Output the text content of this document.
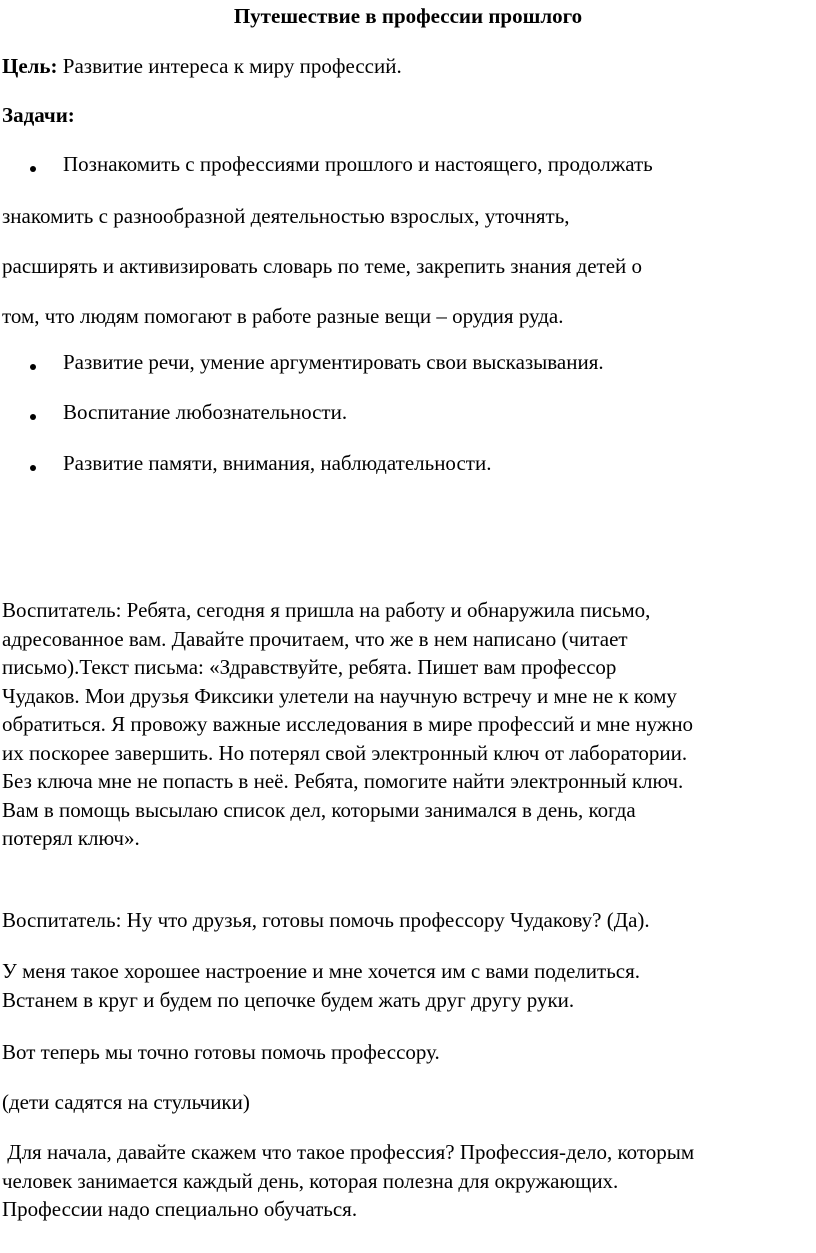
Путешествие в профессии прошлого
Цель: Развитие интереса к миру профессий.
Задачи:
Познакомить с профессиями прошлого и настоящего, продолжать
знакомить с разнообразной деятельностью взрослых, уточнять,
расширять и активизировать словарь по теме, закрепить знания детей о
том, что людям помогают в работе разные вещи – орудия руда.
Развитие речи, умение аргументировать свои высказывания.
Воспитание любознательности.
Развитие памяти, внимания, наблюдательности.
Воспитатель: Ребята, сегодня я пришла на работу и обнаружила письмо,
адресованное вам. Давайте прочитаем, что же в нем написано (читает
письмо).Текст письма: «Здравствуйте, ребята. Пишет вам профессор
Чудаков. Мои друзья Фиксики улетели на научную встречу и мне не к кому
обратиться. Я провожу важные исследования в мире профессий и мне нужно
их поскорее завершить. Но потерял свой электронный ключ от лаборатории.
Без ключа мне не попасть в неё. Ребята, помогите найти электронный ключ.
Вам в помощь высылаю список дел, которыми занимался в день, когда
потерял ключ».
Воспитатель: Ну что друзья, готовы помочь профессору Чудакову? (Да).
У меня такое хорошее настроение и мне хочется им с вами поделиться.
Встанем в круг и будем по цепочке будем жать друг другу руки.
Вот теперь мы точно готовы помочь профессору.
(дети садятся на стульчики)
Для начала, давайте скажем что такое профессия? Профессия-дело, которым
человек занимается каждый день, которая полезна для окружающих.
Профессии надо специально обучаться.
